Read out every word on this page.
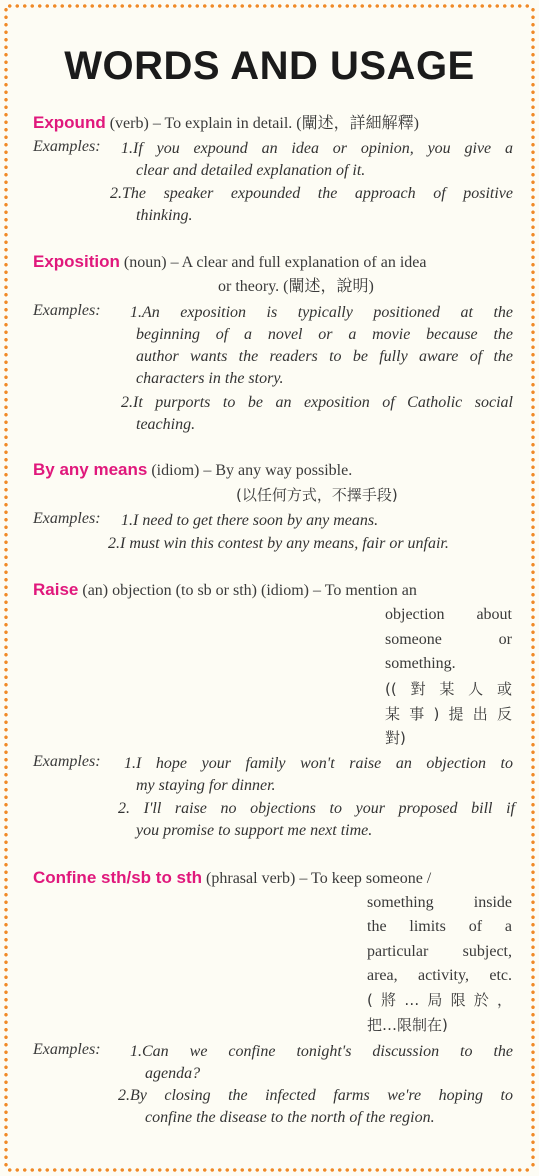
WORDS AND USAGE
Expound (verb) – To explain in detail. (闡述，詳細解釋)
Examples: 1.If you expound an idea or opinion, you give a
clear and detailed explanation of it.
2.The speaker expounded the approach of positive
thinking.
Exposition (noun) – A clear and full explanation of an idea
or theory. (闡述，說明)
Examples: 1.An exposition is typically positioned at the
beginning of a novel or a movie because the
author wants the readers to be fully aware of the
characters in the story.
2.It purports to be an exposition of Catholic social
teaching.
By any means (idiom) – By any way possible.
(以任何方式，不擇手段)
Examples: 1.I need to get there soon by any means.
2.I must win this contest by any means, fair or unfair.
Raise (an) objection (to sb or sth) (idiom) – To mention an
objection about
someone or
something.
((對某人或
某事)提出反
對)
Examples: 1.I hope your family won't raise an objection to
my staying for dinner.
2. I'll raise no objections to your proposed bill if
you promise to support me next time.
Confine sth/sb to sth (phrasal verb) – To keep someone /
something inside
the limits of a
particular subject,
area, activity, etc.
(將…局限於，
把…限制在)
Examples: 1.Can we confine tonight's discussion to the
agenda?
2.By closing the infected farms we're hoping to
confine the disease to the north of the region.
